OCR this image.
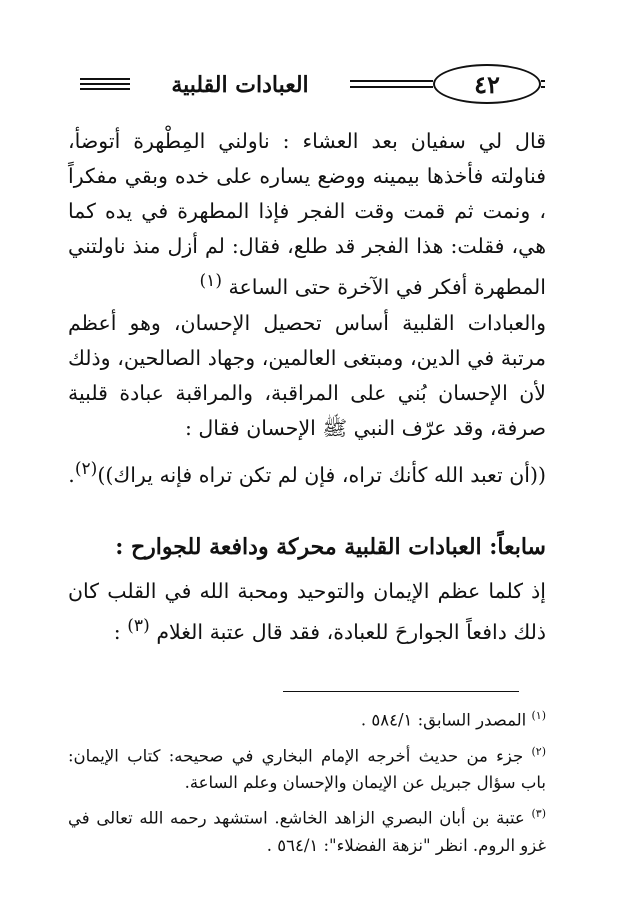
٤٢
العبادات القلبية

قال لي سفيان بعد العشاء : ناولني المِطْهرة أتوضأ، فناولته فأخذها بيمينه ووضع يساره على خده وبقي مفكراً ، ونمت ثم قمت وقت الفجر فإذا المطهرة في يده كما هي، فقلت: هذا الفجر قد طلع، فقال: لم أزل منذ ناولتني المطهرة أفكر في الآخرة حتى الساعة $^{(١)}$

والعبادات القلبية أساس تحصيل الإحسان، وهو أعظم مرتبة في الدين، ومبتغى العالمين، وجهاد الصالحين، وذلك لأن الإحسان بُني على المراقبة، والمراقبة عبادة قلبية صرفة، وقد عرّف النبي ﷺ الإحسان فقال :

((أن تعبد الله كأنك تراه، فإن لم تكن تراه فإنه يراك))$^{(٢)}$.

سابعاً: العبادات القلبية محركة ودافعة للجوارح :

إذ كلما عظم الإيمان والتوحيد ومحبة الله في القلب كان ذلك دافعاً الجوارحَ للعبادة، فقد قال عتبة الغلام $^{(٣)}$ :

$^{(١)}$ المصدر السابق: ٥٨٤/١ .

$^{(٢)}$ جزء من حديث أخرجه الإمام البخاري في صحيحه: كتاب الإيمان: باب سؤال جبريل عن الإيمان والإحسان وعلم الساعة.

$^{(٣)}$ عتبة بن أبان البصري الزاهد الخاشع. استشهد رحمه الله تعالى في غزو الروم. انظر "نزهة الفضلاء": ٥٦٤/١ .
